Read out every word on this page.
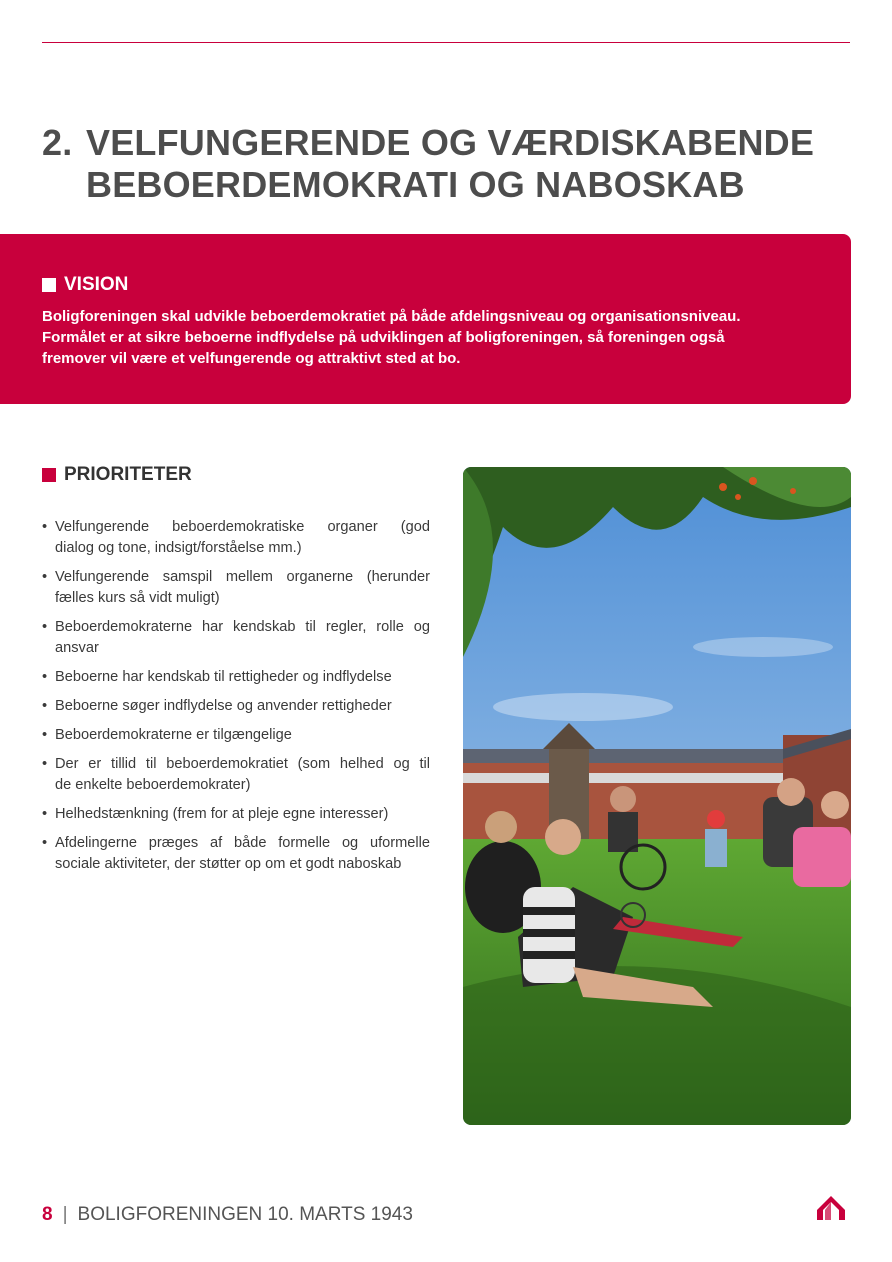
2. VELFUNGERENDE OG VÆRDISKABENDE
BEBOERDEMOKRATI OG NABOSKAB
VISION

Boligforeningen skal udvikle beboerdemokratiet på både afdelingsniveau og organisationsniveau.
Formålet er at sikre beboerne indflydelse på udviklingen af boligforeningen, så foreningen også
fremover vil være et velfungerende og attraktivt sted at bo.

PRIORITETER
• Velfungerende beboerdemokratiske organer (god
dialog og tone, indsigt/forståelse mm.)
• Velfungerende samspil mellem organerne (herunder
fælles kurs så vidt muligt)
• Beboerdemokraterne har kendskab til regler, rolle og
ansvar
• Beboerne har kendskab til rettigheder og indflydelse
• Beboerne søger indflydelse og anvender rettigheder
• Beboerdemokraterne er tilgængelige
• Der er tillid til beboerdemokratiet (som helhed og til
de enkelte beboerdemokrater)
• Helhedstænkning (frem for at pleje egne interesser)
• Afdelingerne præges af både formelle og uformelle
sociale aktiviteter, der støtter op om et godt naboskab
8 | BOLIGFORENINGEN 10. MARTS 1943
